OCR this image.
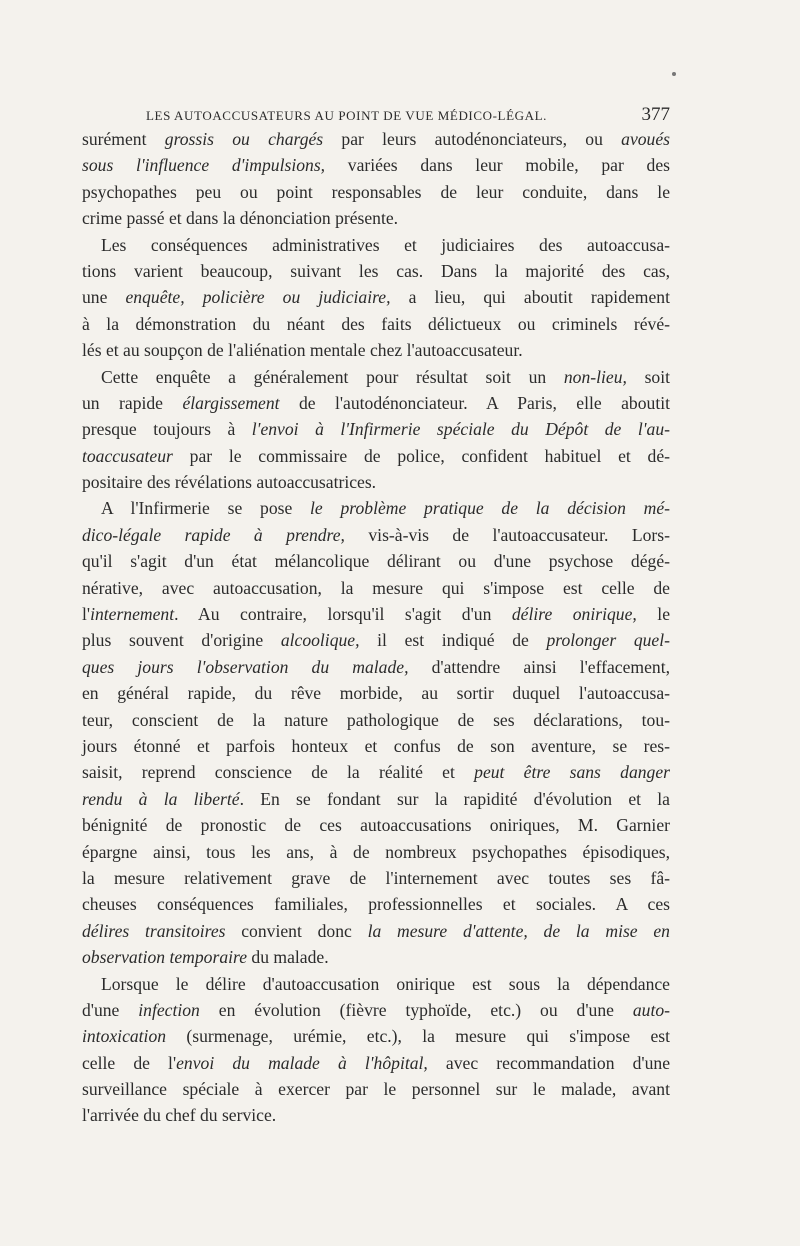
LES AUTOACCUSATEURS AU POINT DE VUE MÉDICO-LÉGAL.	377
surément grossis ou chargés par leurs autodénonciateurs, ou avoués
sous l'influence d'impulsions, variées dans leur mobile, par des
psychopathes peu ou point responsables de leur conduite, dans le
crime passé et dans la dénonciation présente.
Les conséquences administratives et judiciaires des autoaccusa-
tions varient beaucoup, suivant les cas. Dans la majorité des cas,
une enquête, policière ou judiciaire, a lieu, qui aboutit rapidement
à la démonstration du néant des faits délictueux ou criminels révé-
lés et au soupçon de l'aliénation mentale chez l'autoaccusateur.
Cette enquête a généralement pour résultat soit un non-lieu, soit
un rapide élargissement de l'autodénonciateur. A Paris, elle aboutit
presque toujours à l'envoi à l'Infirmerie spéciale du Dépôt de l'au-
toaccusateur par le commissaire de police, confident habituel et dé-
positaire des révélations autoaccusatrices.
A l'Infirmerie se pose le problème pratique de la décision mé-
dico-légale rapide à prendre, vis-à-vis de l'autoaccusateur. Lors-
qu'il s'agit d'un état mélancolique délirant ou d'une psychose dégé-
nérative, avec autoaccusation, la mesure qui s'impose est celle de
l'internement. Au contraire, lorsqu'il s'agit d'un délire onirique, le
plus souvent d'origine alcoolique, il est indiqué de prolonger quel-
ques jours l'observation du malade, d'attendre ainsi l'effacement,
en général rapide, du rêve morbide, au sortir duquel l'autoaccusa-
teur, conscient de la nature pathologique de ses déclarations, tou-
jours étonné et parfois honteux et confus de son aventure, se res-
saisit, reprend conscience de la réalité et peut être sans danger
rendu à la liberté. En se fondant sur la rapidité d'évolution et la
bénignité de pronostic de ces autoaccusations oniriques, M. Garnier
épargne ainsi, tous les ans, à de nombreux psychopathes épisodiques,
la mesure relativement grave de l'internement avec toutes ses fâ-
cheuses conséquences familiales, professionnelles et sociales. A ces
délires transitoires convient donc la mesure d'attente, de la mise en
observation temporaire du malade.
Lorsque le délire d'autoaccusation onirique est sous la dépendance
d'une infection en évolution (fièvre typhoïde, etc.) ou d'une auto-
intoxication (surmenage, urémie, etc.), la mesure qui s'impose est
celle de l'envoi du malade à l'hôpital, avec recommandation d'une
surveillance spéciale à exercer par le personnel sur le malade, avant
l'arrivée du chef du service.
